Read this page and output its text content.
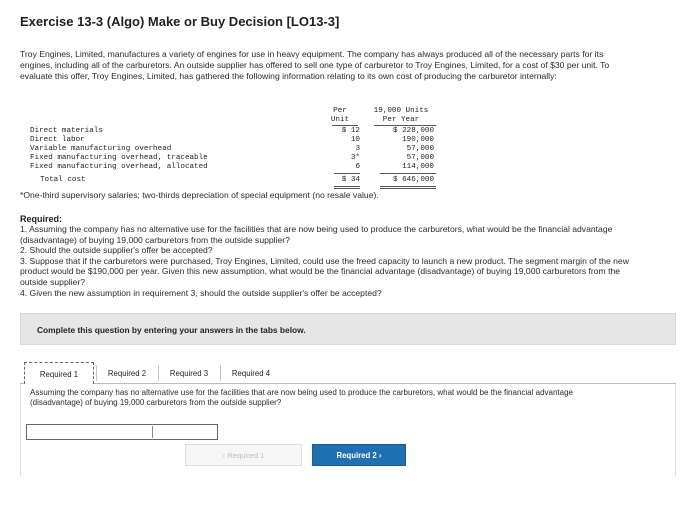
Exercise 13-3 (Algo) Make or Buy Decision [LO13-3]
Troy Engines, Limited, manufactures a variety of engines for use in heavy equipment. The company has always produced all of the necessary parts for its engines, including all of the carburetors. An outside supplier has offered to sell one type of carburetor to Troy Engines, Limited, for a cost of $30 per unit. To evaluate this offer, Troy Engines, Limited, has gathered the following information relating to its own cost of producing the carburetor internally:
Per	19,000 Units
Unit	Per Year
Direct materials	$ 12	$ 228,000
Direct labor	10	190,000
Variable manufacturing overhead	3	57,000
Fixed manufacturing overhead, traceable	3*	57,000
Fixed manufacturing overhead, allocated	6	114,000
Total cost	$ 34	$ 646,000
*One-third supervisory salaries; two-thirds depreciation of special equipment (no resale value).
Required:
1. Assuming the company has no alternative use for the facilities that are now being used to produce the carburetors, what would be the financial advantage (disadvantage) of buying 19,000 carburetors from the outside supplier?
2. Should the outside supplier's offer be accepted?
3. Suppose that if the carburetors were purchased, Troy Engines, Limited, could use the freed capacity to launch a new product. The segment margin of the new product would be $190,000 per year. Given this new assumption, what would be the financial advantage (disadvantage) of buying 19,000 carburetors from the outside supplier?
4. Given the new assumption in requirement 3, should the outside supplier's offer be accepted?
Complete this question by entering your answers in the tabs below.
Required 1	Required 2	Required 3	Required 4
Assuming the company has no alternative use for the facilities that are now being used to produce the carburetors, what would be the financial advantage (disadvantage) of buying 19,000 carburetors from the outside supplier?
‹ Required 1	Required 2 ›
